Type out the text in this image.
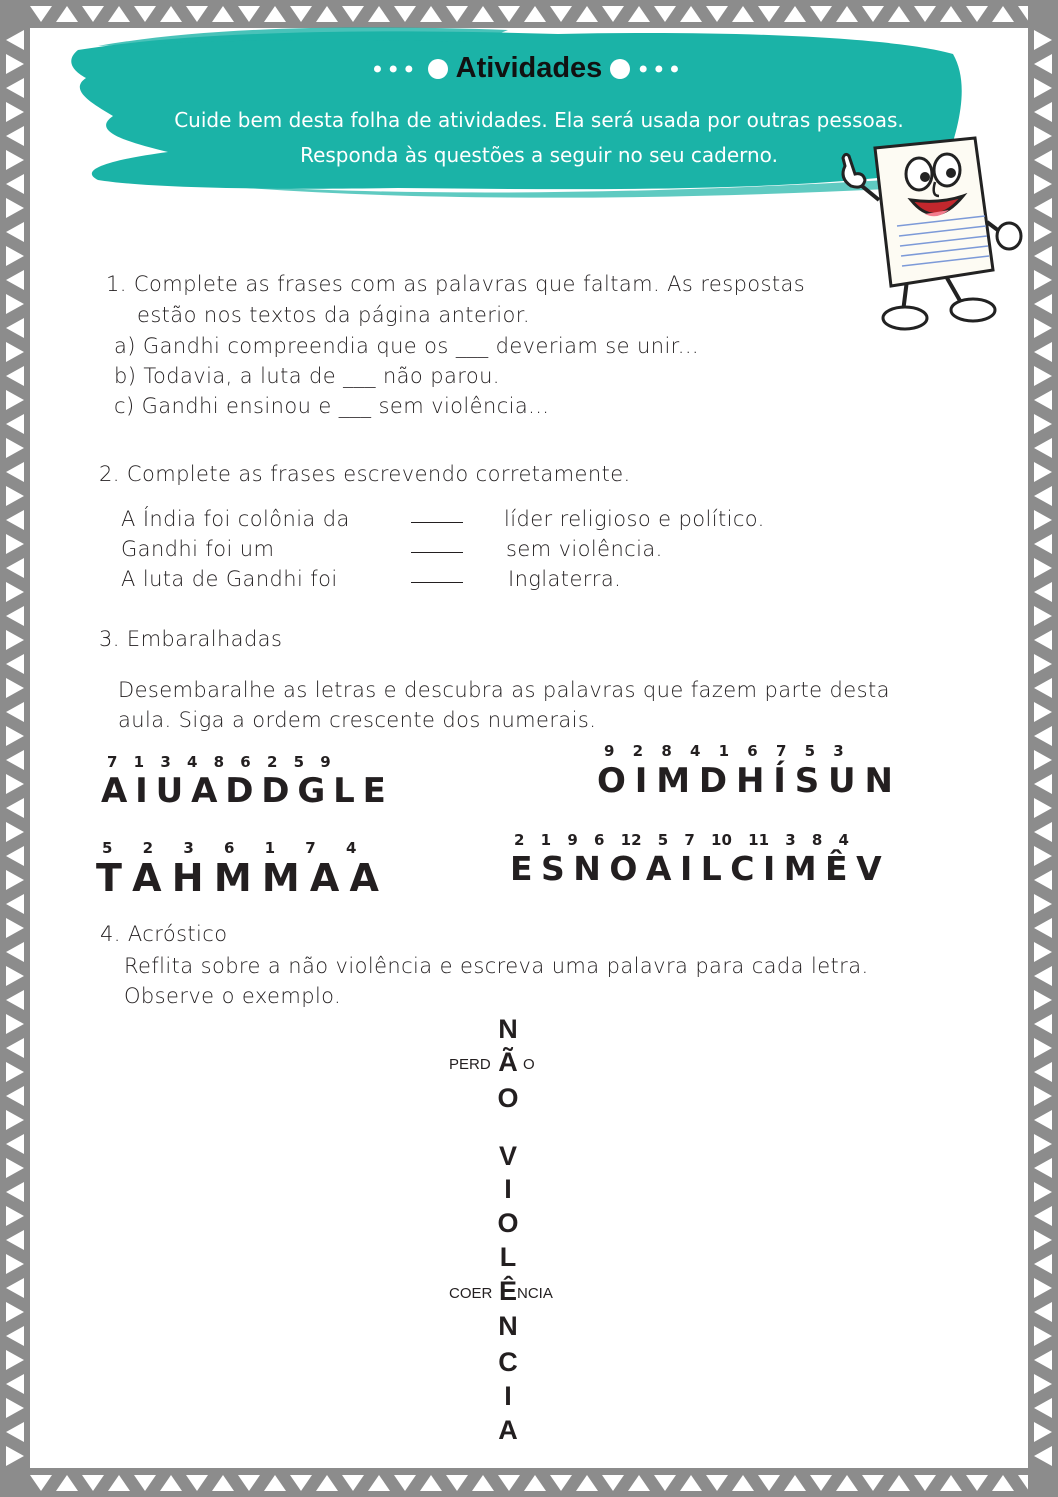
●●● Atividades ●●●
Cuide bem desta folha de atividades. Ela será usada por outras pessoas.
Responda às questões a seguir no seu caderno.
1. Complete as frases com as palavras que faltam. As respostas
estão nos textos da página anterior.
a) Gandhi compreendia que os ___ deveriam se unir...
b) Todavia, a luta de ___ não parou.
c) Gandhi ensinou e ___ sem violência...
2. Complete as frases escrevendo corretamente.
A Índia foi colônia da
Gandhi foi um
A luta de Gandhi foi
líder religioso e político.
sem violência.
Inglaterra.
3. Embaralhadas
Desembaralhe as letras e descubra as palavras que fazem parte desta
aula. Siga a ordem crescente dos numerais.
7 1 3 4 8 6 2 5 9
A I U A D D G L E
9 2 8 4 1 6 7 5 3
O I M D H Í S U N
5 2 3 6 1 7 4
T A H M M A A
2 1 9 6 12 5 7 10 11 3 8 4
E S N O A I L C I M Ê V
4. Acróstico
Reflita sobre a não violência e escreva uma palavra para cada letra.
Observe o exemplo.
N
Ã
O
V
I
O
L
Ê
N
C
I
A
PERD O
COER NCIA
